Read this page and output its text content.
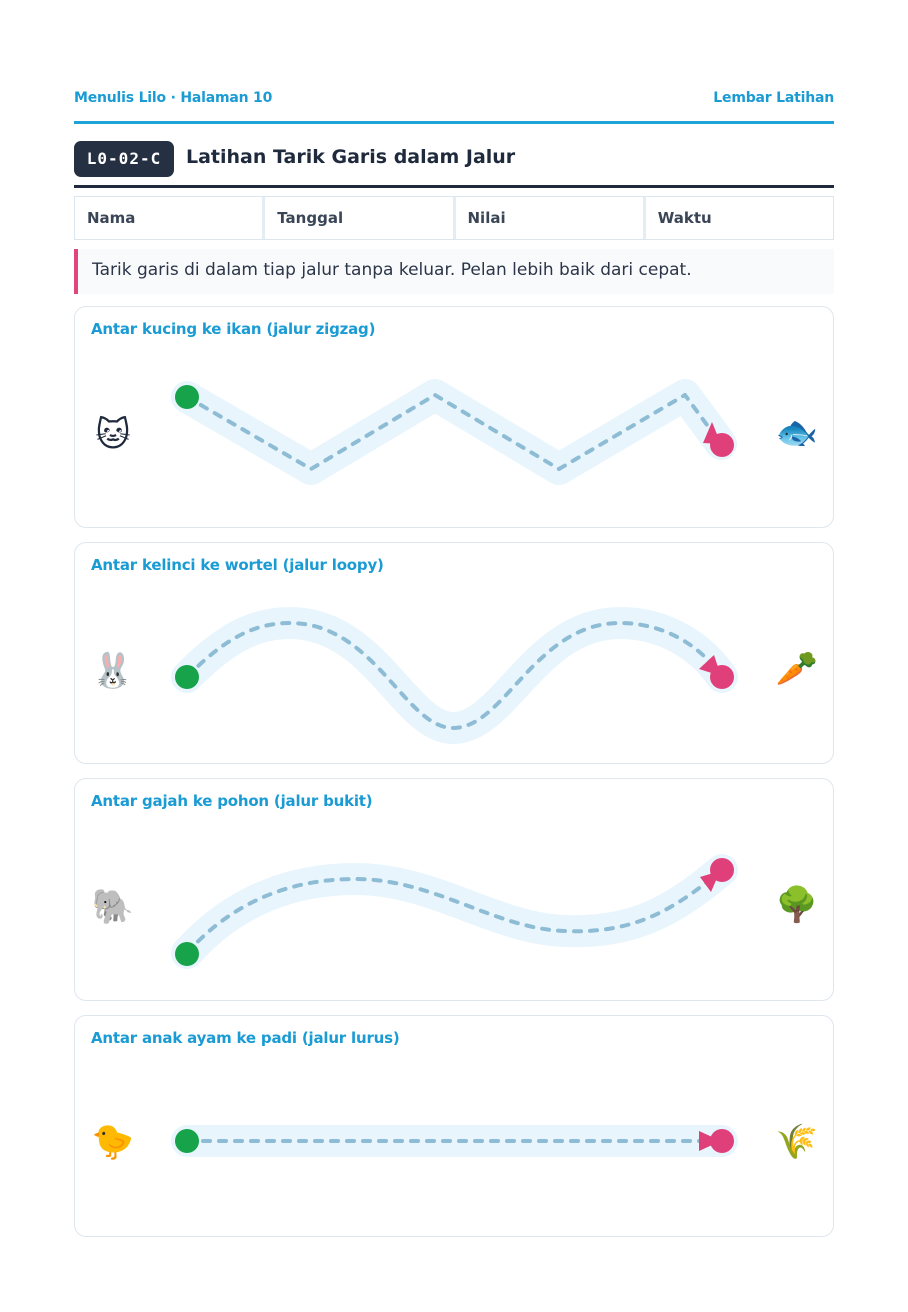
Menulis Lilo · Halaman 10	Lembar Latihan
L0-02-C	Latihan Tarik Garis dalam Jalur
Nama	Tanggal	Nilai	Waktu
Tarik garis di dalam tiap jalur tanpa keluar. Pelan lebih baik dari cepat.
Antar kucing ke ikan (jalur zigzag)
🐱	🐟
Antar kelinci ke wortel (jalur loopy)
🐰	🥕
Antar gajah ke pohon (jalur bukit)
🐘	🌳
Antar anak ayam ke padi (jalur lurus)
🐤	🌾
